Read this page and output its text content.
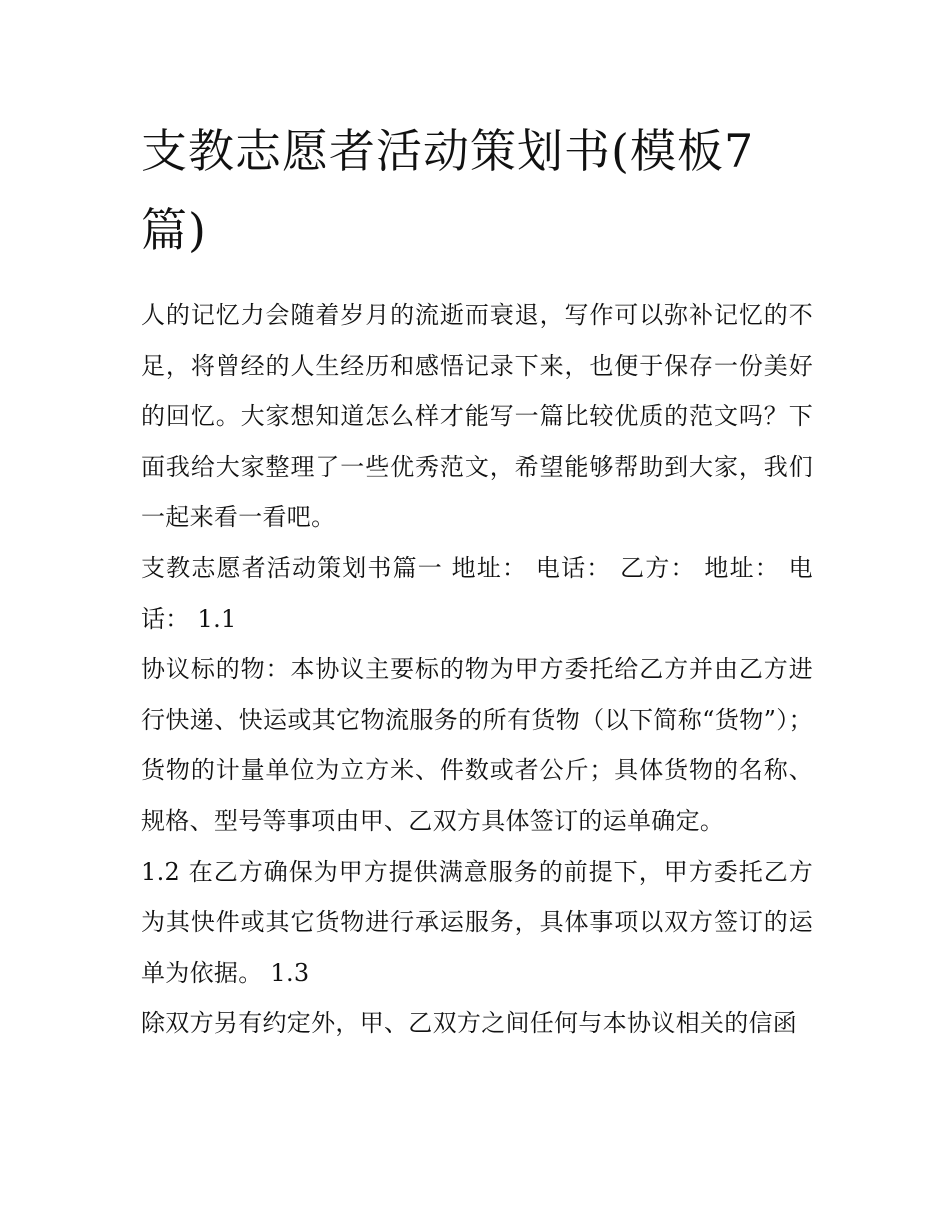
支教志愿者活动策划书(模板7篇)

人的记忆力会随着岁月的流逝而衰退，写作可以弥补记忆的不足，将曾经的人生经历和感悟记录下来，也便于保存一份美好的回忆。大家想知道怎么样才能写一篇比较优质的范文吗？下面我给大家整理了一些优秀范文，希望能够帮助到大家，我们一起来看一看吧。

支教志愿者活动策划书篇一 地址： 电话： 乙方： 地址： 电话： 1.1

协议标的物：本协议主要标的物为甲方委托给乙方并由乙方进行快递、快运或其它物流服务的所有货物（以下简称“货物”）；货物的计量单位为立方米、件数或者公斤；具体货物的名称、规格、型号等事项由甲、乙双方具体签订的运单确定。

1.2 在乙方确保为甲方提供满意服务的前提下，甲方委托乙方为其快件或其它货物进行承运服务，具体事项以双方签订的运单为依据。 1.3

除双方另有约定外，甲、乙双方之间任何与本协议相关的信函
